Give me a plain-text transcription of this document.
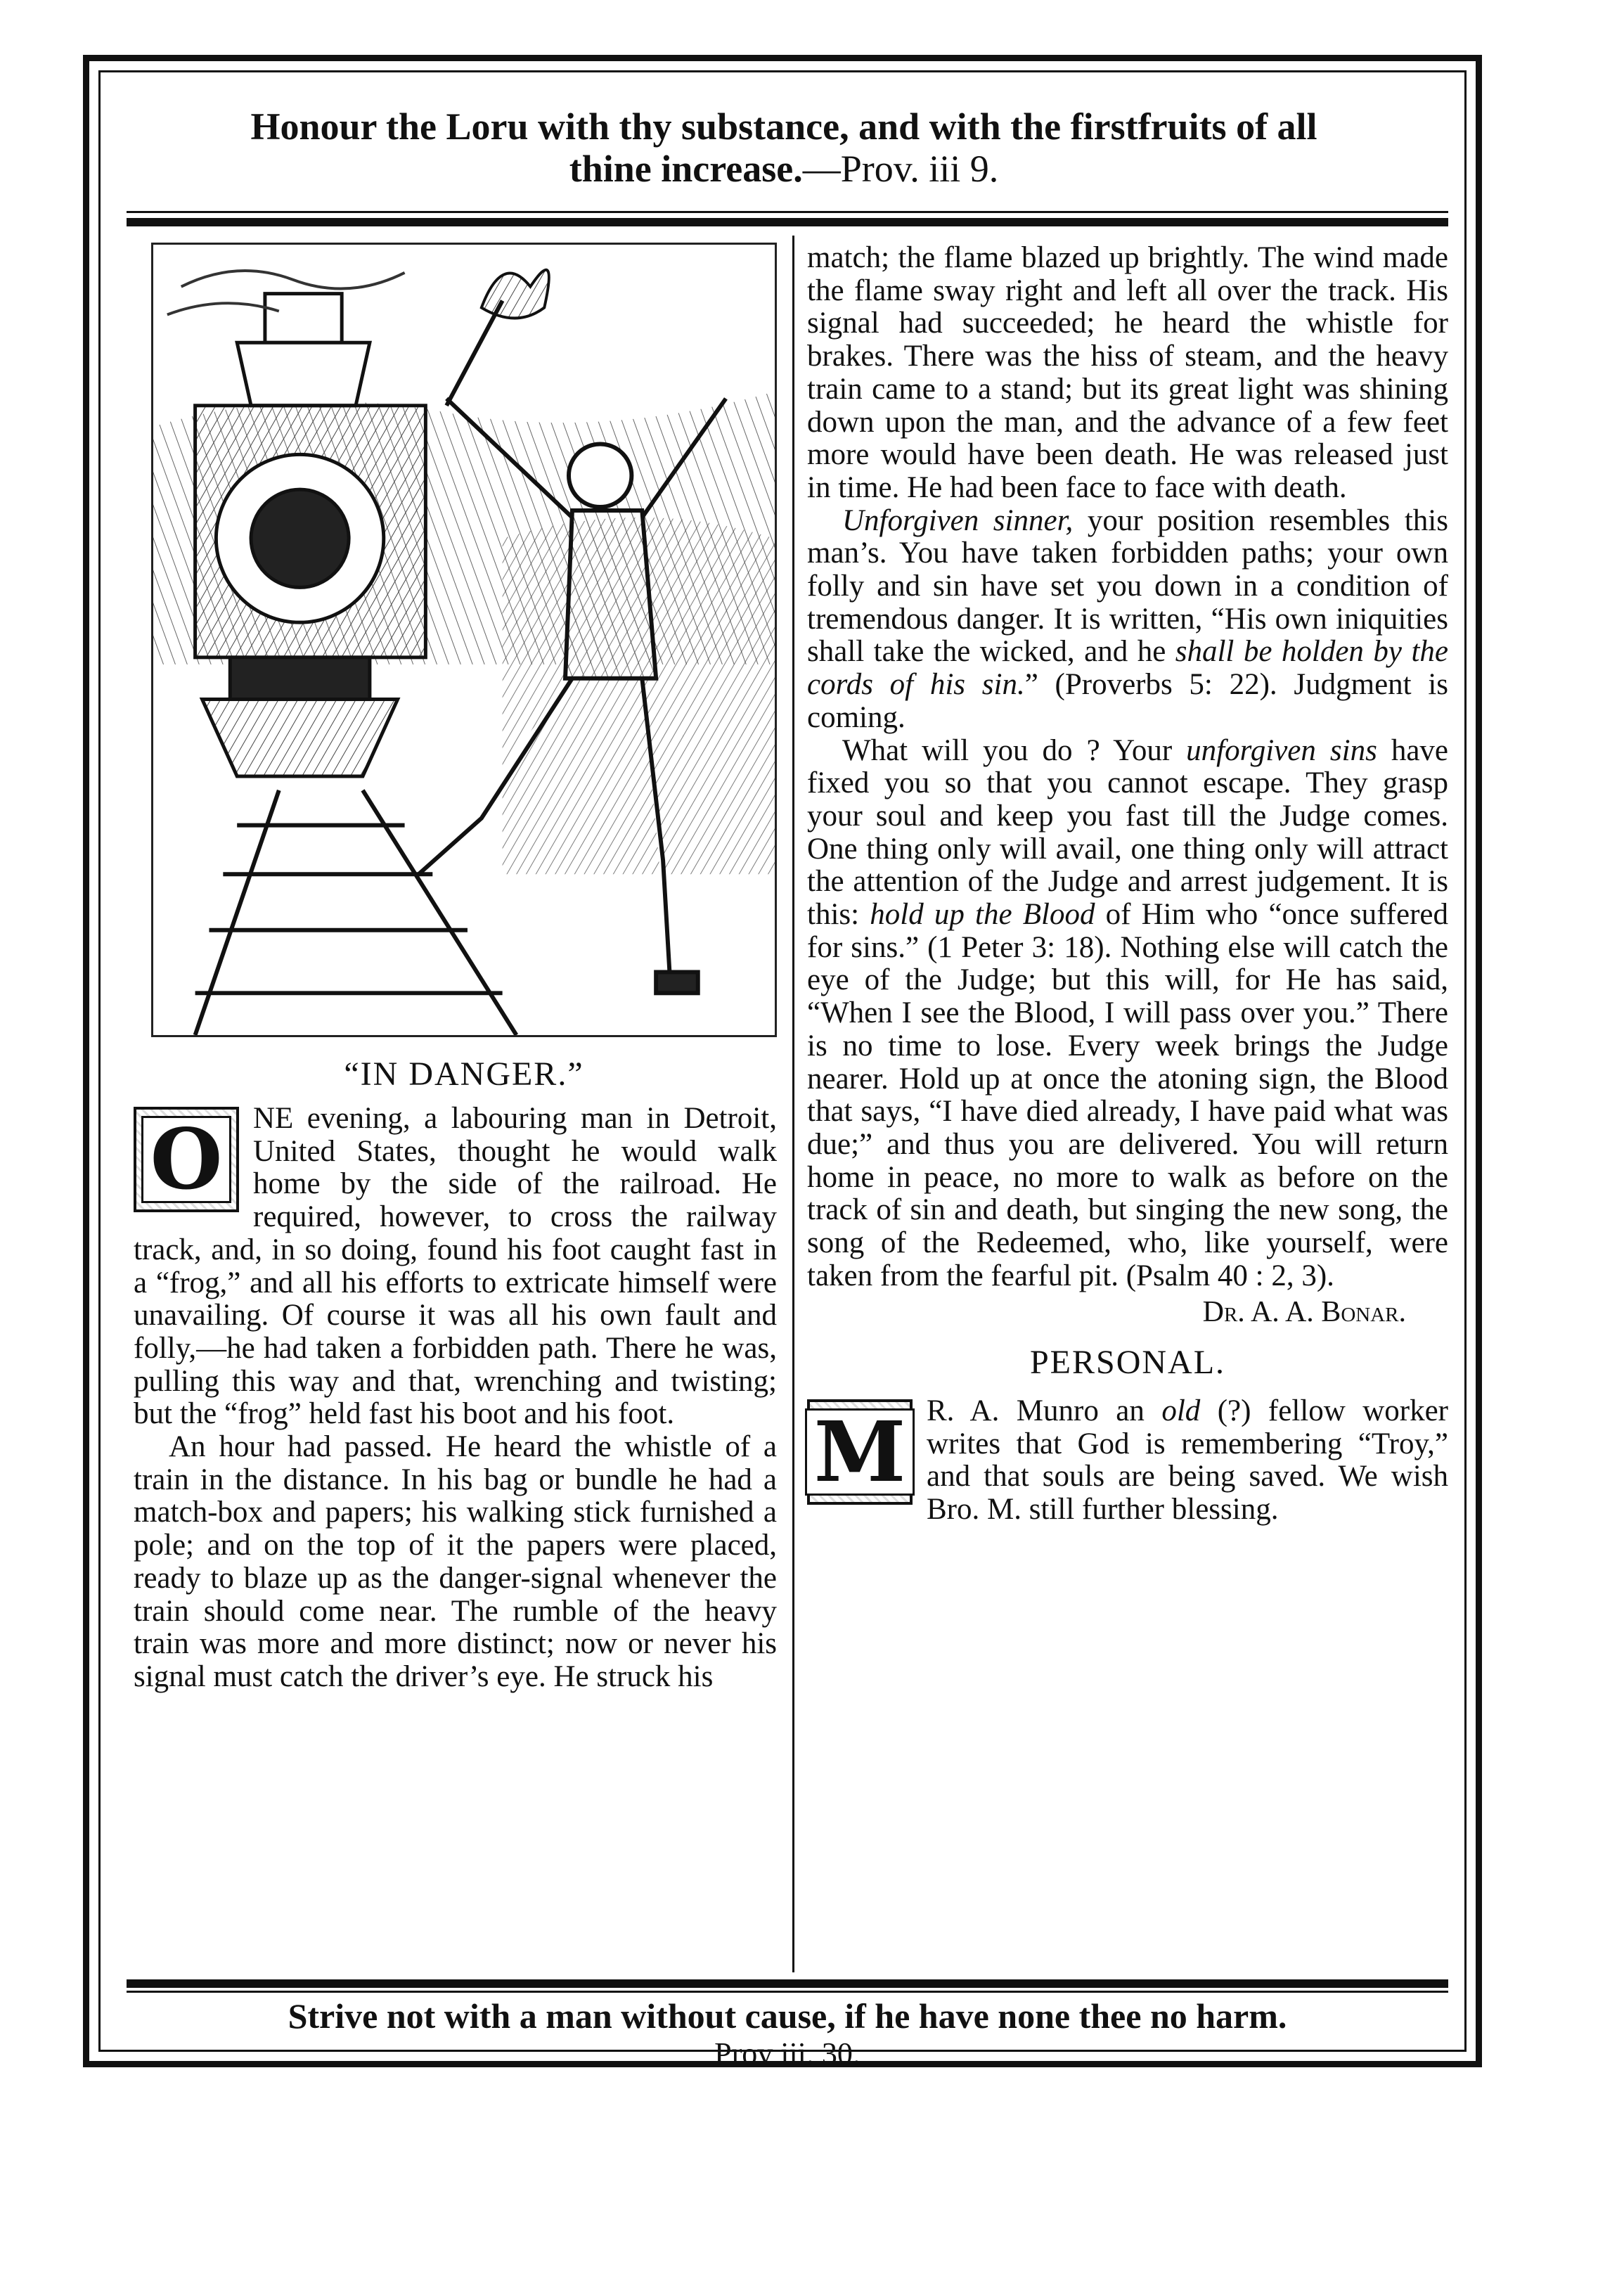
Honour the Loru with thy substance, and with the firstfruits of all
thine increase.—Prov. iii 9.
“IN DANGER.”
O	NE evening, a labouring man in Detroit, United States, thought he would walk home by the side of the railroad. He required, however, to cross the railway track, and, in so doing, found his foot caught fast in a “frog,” and all his efforts to extricate himself were unavailing. Of course it was all his own fault and folly,—he had taken a forbidden path. There he was, pulling this way and that, wrenching and twisting; but the “frog” held fast his boot and his foot.

An hour had passed. He heard the whistle of a train in the distance. In his bag or bundle he had a match-box and papers; his walking stick furnished a pole; and on the top of it the papers were placed, ready to blaze up as the danger-signal whenever the train should come near. The rumble of the heavy train was more and more distinct; now or never his signal must catch the driver’s eye. He struck his

match; the flame blazed up brightly. The wind made the flame sway right and left all over the track. His signal had succeeded; he heard the whistle for brakes. There was the hiss of steam, and the heavy train came to a stand; but its great light was shining down upon the man, and the advance of a few feet more would have been death. He was released just in time. He had been face to face with death.

Unforgiven sinner, your position resembles this man’s. You have taken forbidden paths; your own folly and sin have set you down in a condition of tremendous danger. It is written, “His own iniquities shall take the wicked, and he shall be holden by the cords of his sin.” (Proverbs 5: 22). Judgment is coming.

What will you do ? Your unforgiven sins have fixed you so that you cannot escape. They grasp your soul and keep you fast till the Judge comes. One thing only will avail, one thing only will attract the attention of the Judge and arrest judgement. It is this: hold up the Blood of Him who “once suffered for sins.” (1 Peter 3: 18). Nothing else will catch the eye of the Judge; but this will, for He has said, “When I see the Blood, I will pass over you.” There is no time to lose. Every week brings the Judge nearer. Hold up at once the atoning sign, the Blood that says, “I have died already, I have paid what was due;” and thus you are delivered. You will return home in peace, no more to walk as before on the track of sin and death, but singing the new song, the song of the Redeemed, who, like yourself, were taken from the fearful pit. (Psalm 40 : 2, 3).

Dr. A. A. Bonar.
PERSONAL.
M R. A. Munro an old (?) fellow worker writes that God is remembering “Troy,” and that souls are being saved. We wish Bro. M. still further blessing.

Strive not with a man without cause, if he have none thee no harm.
Prov iii. 30.
